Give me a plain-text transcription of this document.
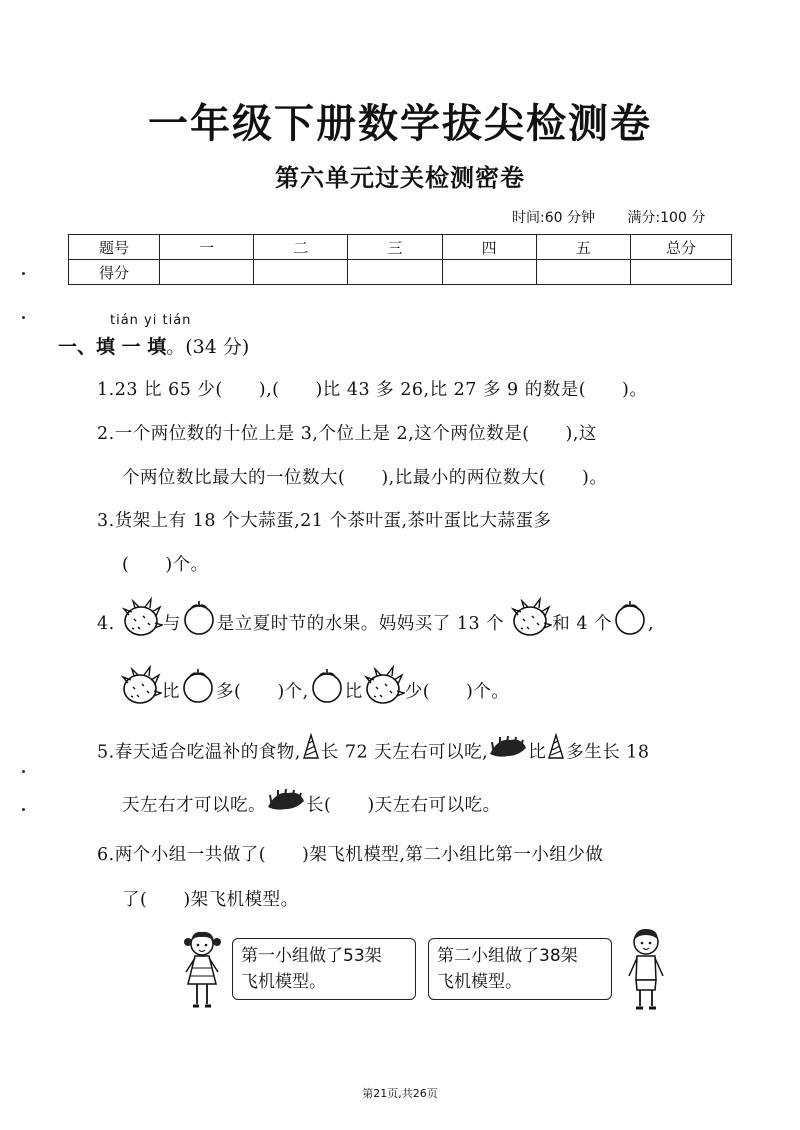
一年级下册数学拔尖检测卷
第六单元过关检测密卷
时间:60 分钟 满分:100 分
题号	一	二	三	四	五	总分
得分						
tián yi tián
一、填 一 填。(34 分)
1.23 比 65 少(　　),(　　)比 43 多 26,比 27 多 9 的数是(　　)。
2.一个两位数的十位上是 3,个位上是 2,这个两位数是(　　),这
个两位数比最大的一位数大(　　),比最小的两位数大(　　)。
3.货架上有 18 个大蒜蛋,21 个茶叶蛋,茶叶蛋比大蒜蛋多
(　　)个。
4.	与 是立夏时节的水果。妈妈买了 13 个	和 4 个 ,
比 多(　　)个, 比 少(　　)个。
5.春天适合吃温补的食物, 长 72 天左右可以吃, 比 多生长 18
天左右才可以吃。 长(　　)天左右可以吃。
6.两个小组一共做了(　　)架飞机模型,第二小组比第一小组少做
了(　　)架飞机模型。
第一小组做了53架
飞机模型。
第二小组做了38架
飞机模型。
第21页,共26页
